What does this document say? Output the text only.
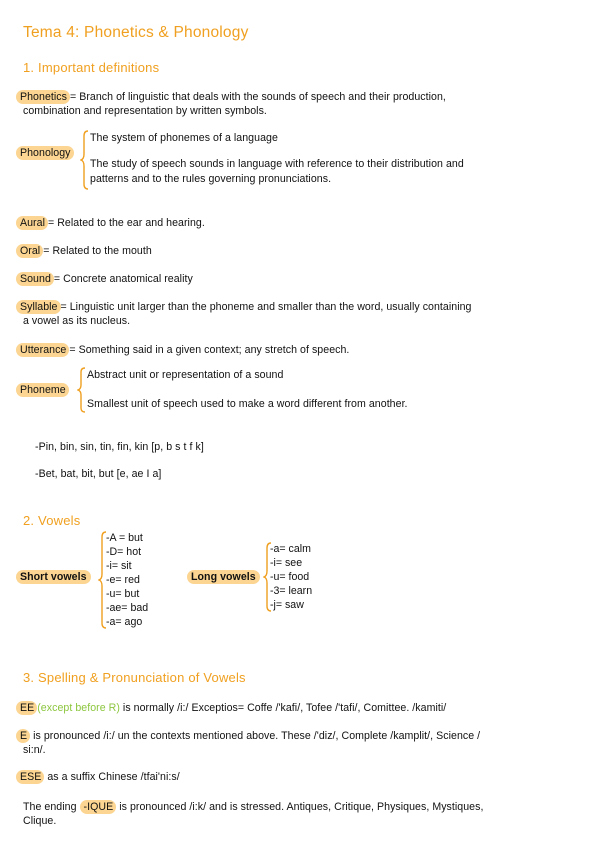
Tema 4: Phonetics & Phonology
1. Important definitions
Phonetics = Branch of linguistic that deals with the sounds of speech and their production,
combination and representation by written symbols.
Phonology
The system of phonemes of a language
The study of speech sounds in language with reference to their distribution and
patterns and to the rules governing pronunciations.
Aural = Related to the ear and hearing.
Oral = Related to the mouth
Sound = Concrete anatomical reality
Syllable = Linguistic unit larger than the phoneme and smaller than the word, usually containing
a vowel as its nucleus.
Utterance = Something said in a given context; any stretch of speech.
Phoneme
Abstract unit or representation of a sound
Smallest unit of speech used to make a word different from another.
-Pin, bin, sin, tin, fin, kin [p, b s t f k]
-Bet, bat, bit, but [e, ae I a]
2. Vowels
Short vowels
-A = but
-D= hot
-i= sit
-e= red
-u= but
-ae= bad
-a= ago
Long vowels
-a= calm
-i= see
-u= food
-3= learn
-j= saw
3. Spelling & Pronunciation of Vowels
EE (except before R) is normally /i:/ Exceptios= Coffe /'kafi/, Tofee /'tafi/, Comittee. /kamiti/
E is pronounced /i:/ un the contexts mentioned above. These /'diz/, Complete /kamplit/, Science /
si:n/.
ESE as a suffix Chinese /tfai'ni:s/
The ending -IQUE is pronounced /i:k/ and is stressed. Antiques, Critique, Physiques, Mystiques,
Clique.
